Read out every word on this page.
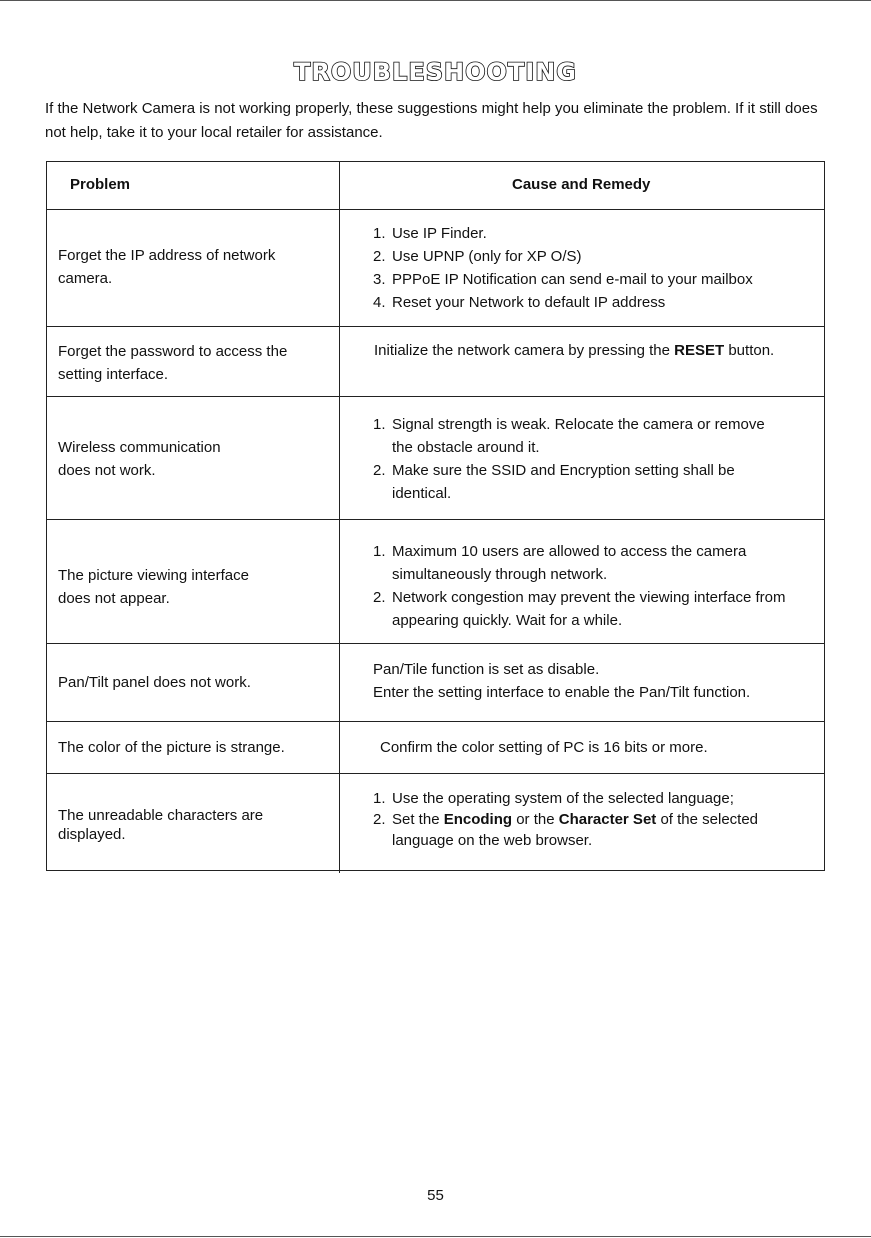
TROUBLESHOOTING
If the Network Camera is not working properly, these suggestions might help you eliminate the problem. If it still does not help, take it to your local retailer for assistance.
Problem	Cause and Remedy
Forget the IP address of network camera.
1. Use IP Finder.
2. Use UPNP (only for XP O/S)
3. PPPoE IP Notification can send e-mail to your mailbox
4. Reset your Network to default IP address
Forget the password to access the setting interface.
Initialize the network camera by pressing the RESET button.
Wireless communication
does not work.
1. Signal strength is weak. Relocate the camera or remove the obstacle around it.
2. Make sure the SSID and Encryption setting shall be identical.
The picture viewing interface
does not appear.
1. Maximum 10 users are allowed to access the camera simultaneously through network.
2. Network congestion may prevent the viewing interface from appearing quickly. Wait for a while.
Pan/Tilt panel does not work.
Pan/Tile function is set as disable.
Enter the setting interface to enable the Pan/Tilt function.
The color of the picture is strange.	Confirm the color setting of PC is 16 bits or more.
The unreadable characters are displayed.
1. Use the operating system of the selected language;
2. Set the Encoding or the Character Set of the selected language on the web browser.
55
